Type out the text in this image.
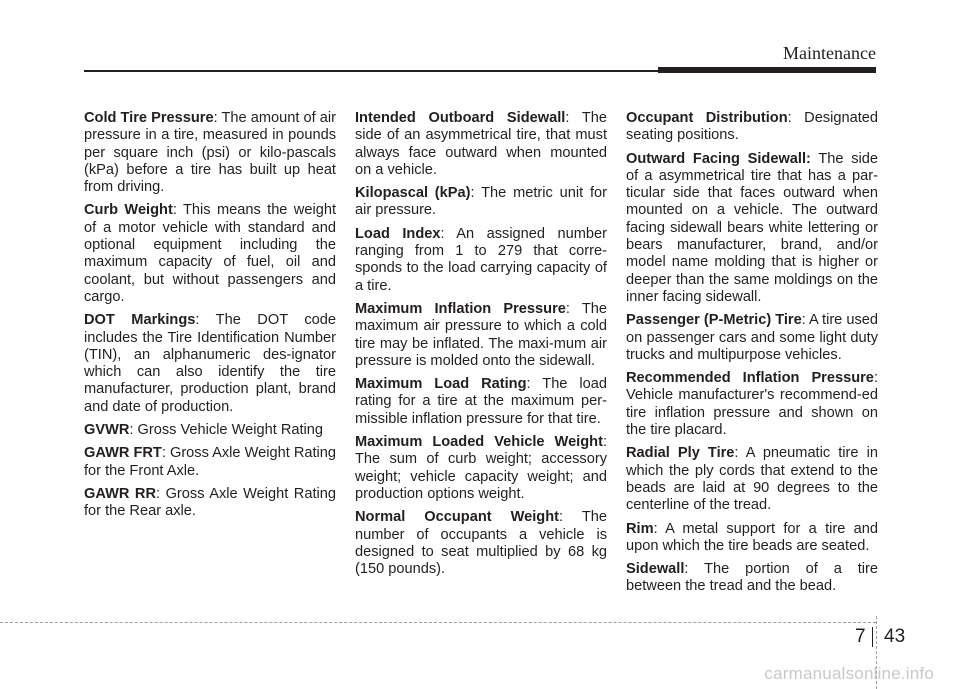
Maintenance

Cold Tire Pressure: The amount of air pressure in a tire, measured in pounds per square inch (psi) or kilo-pascals (kPa) before a tire has built up heat from driving.

Curb Weight: This means the weight of a motor vehicle with standard and optional equipment including the maximum capacity of fuel, oil and coolant, but without passengers and cargo.

DOT Markings: The DOT code includes the Tire Identification Number (TIN), an alphanumeric des-ignator which can also identify the tire manufacturer, production plant, brand and date of production.

GVWR: Gross Vehicle Weight Rating

GAWR FRT: Gross Axle Weight Rating for the Front Axle.

GAWR RR: Gross Axle Weight Rating for the Rear axle.

Intended Outboard Sidewall: The side of an asymmetrical tire, that must always face outward when mounted on a vehicle.

Kilopascal (kPa): The metric unit for air pressure.

Load Index: An assigned number ranging from 1 to 279 that corre-sponds to the load carrying capacity of a tire.

Maximum Inflation Pressure: The maximum air pressure to which a cold tire may be inflated. The maxi-mum air pressure is molded onto the sidewall.

Maximum Load Rating: The load rating for a tire at the maximum per-missible inflation pressure for that tire.

Maximum Loaded Vehicle Weight: The sum of curb weight; accessory weight; vehicle capacity weight; and production options weight.

Normal Occupant Weight: The number of occupants a vehicle is designed to seat multiplied by 68 kg (150 pounds).

Occupant Distribution: Designated seating positions.

Outward Facing Sidewall: The side of a asymmetrical tire that has a par-ticular side that faces outward when mounted on a vehicle. The outward facing sidewall bears white lettering or bears manufacturer, brand, and/or model name molding that is higher or deeper than the same moldings on the inner facing sidewall.

Passenger (P-Metric) Tire: A tire used on passenger cars and some light duty trucks and multipurpose vehicles.

Recommended Inflation Pressure: Vehicle manufacturer's recommend-ed tire inflation pressure and shown on the tire placard.

Radial Ply Tire: A pneumatic tire in which the ply cords that extend to the beads are laid at 90 degrees to the centerline of the tread.

Rim: A metal support for a tire and upon which the tire beads are seated.

Sidewall: The portion of a tire between the tread and the bead.

7 43
carmanualsonline.info
